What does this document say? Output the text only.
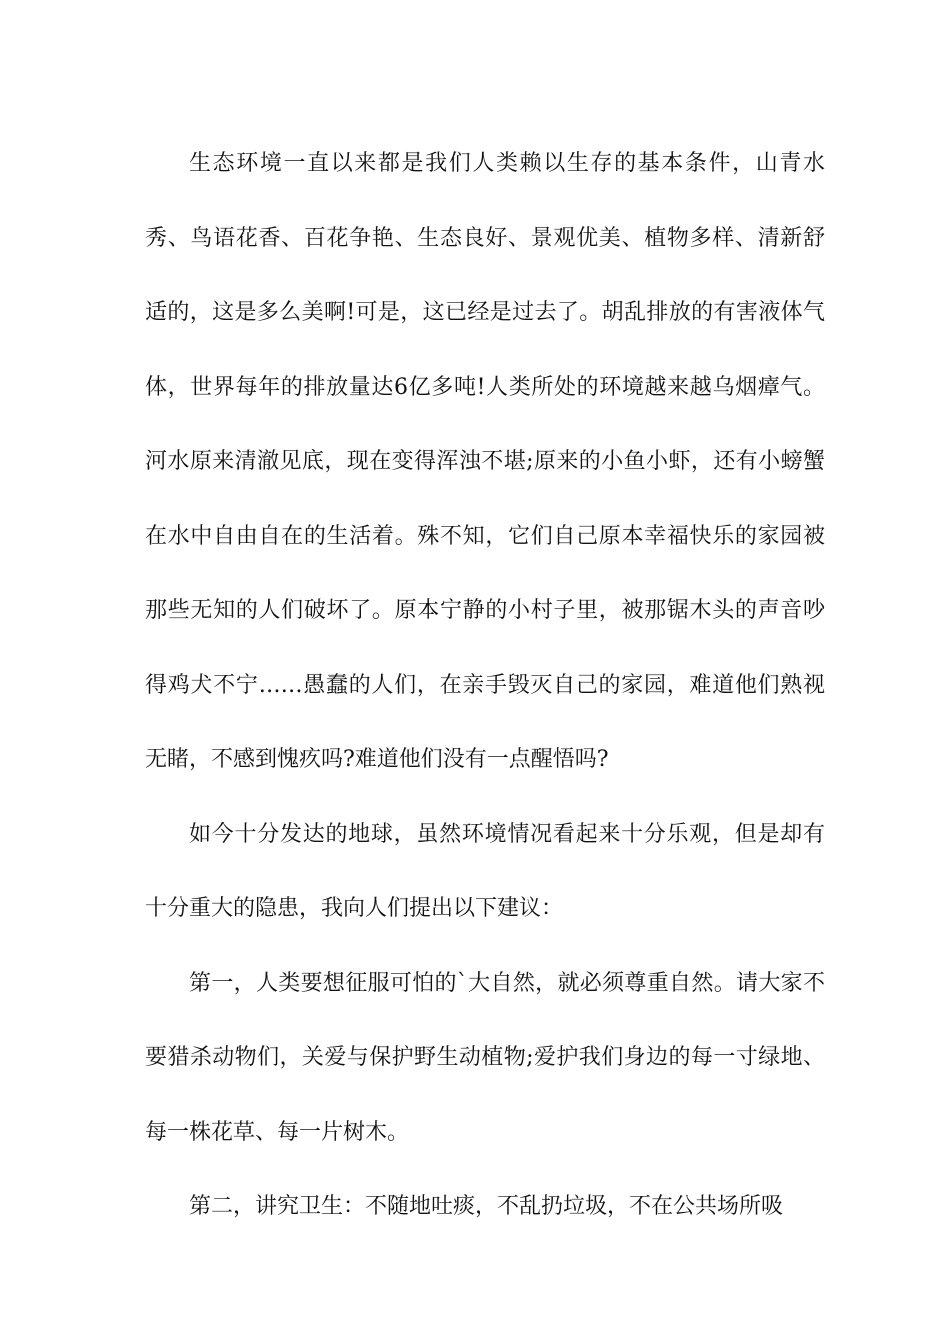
生态环境一直以来都是我们人类赖以生存的基本条件，山青水秀、鸟语花香、百花争艳、生态良好、景观优美、植物多样、清新舒适的，这是多么美啊!可是，这已经是过去了。胡乱排放的有害液体气体，世界每年的排放量达6亿多吨!人类所处的环境越来越乌烟瘴气。河水原来清澈见底，现在变得浑浊不堪;原来的小鱼小虾，还有小螃蟹在水中自由自在的生活着。殊不知，它们自己原本幸福快乐的家园被那些无知的人们破坏了。原本宁静的小村子里，被那锯木头的声音吵得鸡犬不宁……愚蠢的人们，在亲手毁灭自己的家园，难道他们熟视无睹，不感到愧疚吗?难道他们没有一点醒悟吗?

如今十分发达的地球，虽然环境情况看起来十分乐观，但是却有十分重大的隐患，我向人们提出以下建议：

第一，人类要想征服可怕的`大自然，就必须尊重自然。请大家不要猎杀动物们，关爱与保护野生动植物;爱护我们身边的每一寸绿地、每一株花草、每一片树木。

第二，讲究卫生：不随地吐痰，不乱扔垃圾，不在公共场所吸
